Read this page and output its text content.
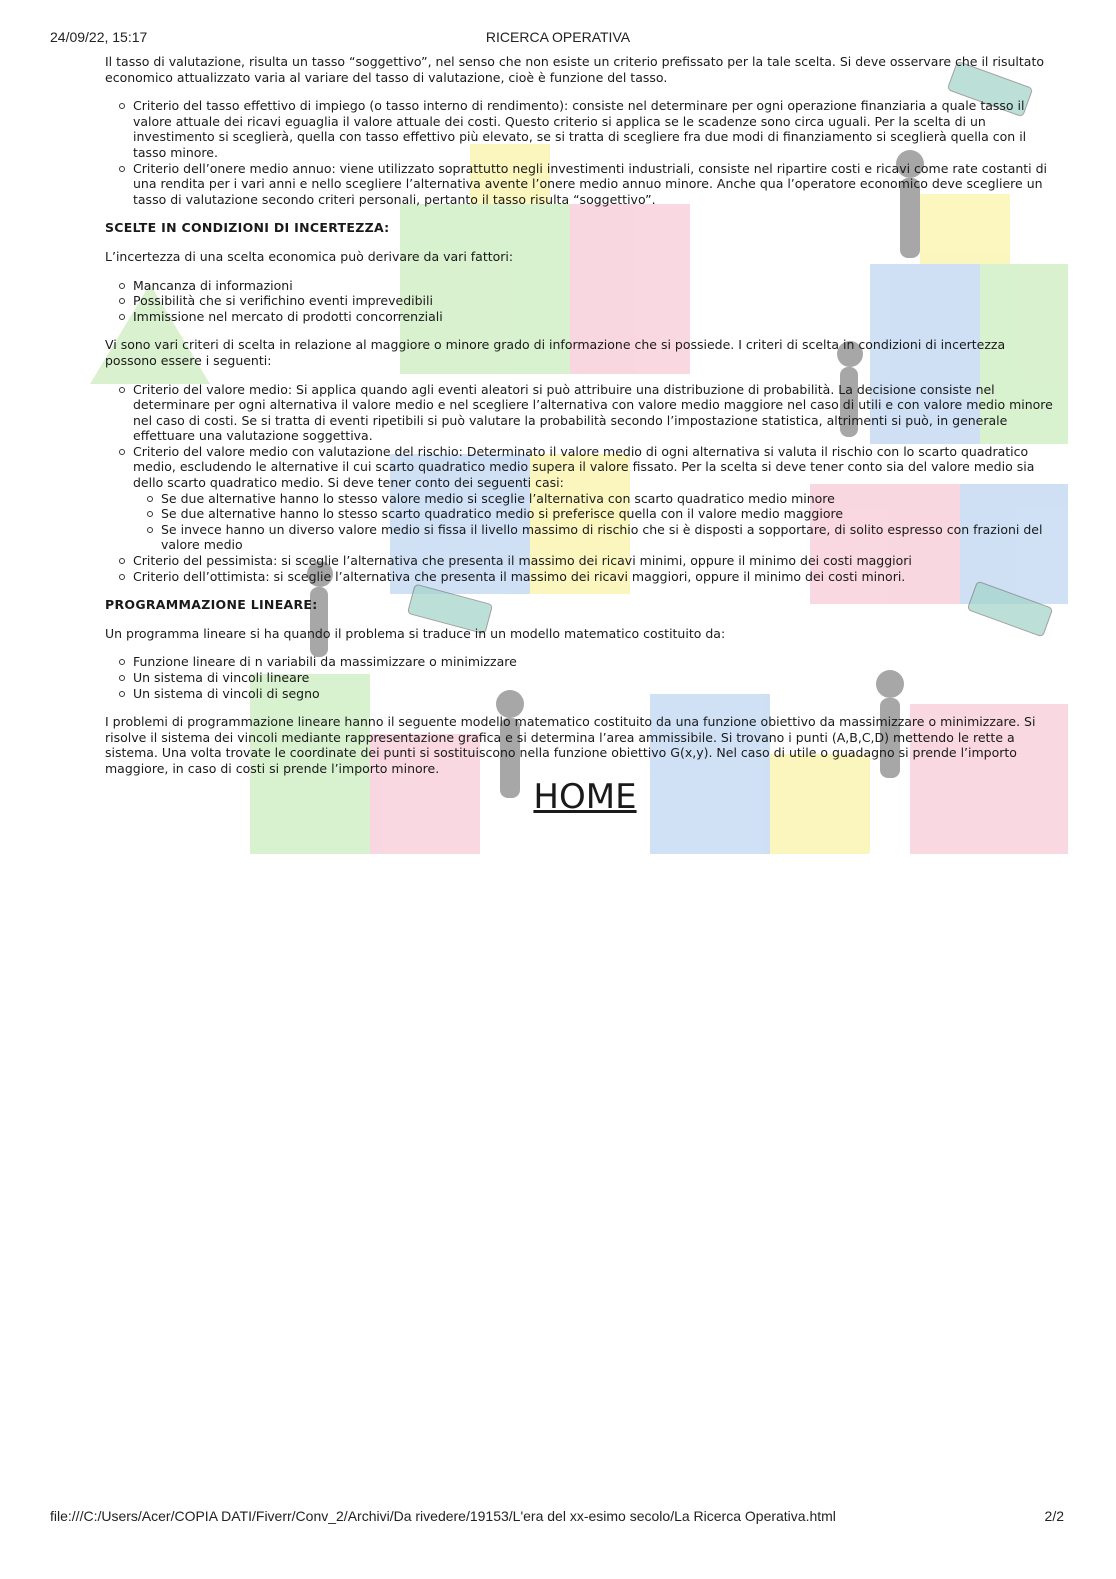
24/09/22, 15:17	RICERCA OPERATIVA

Il tasso di valutazione, risulta un tasso “soggettivo”, nel senso che non esiste un criterio prefissato per la tale scelta. Si deve osservare che il risultato economico attualizzato varia al variare del tasso di valutazione, cioè è funzione del tasso.

Criterio del tasso effettivo di impiego (o tasso interno di rendimento): consiste nel determinare per ogni operazione finanziaria a quale tasso il valore attuale dei ricavi eguaglia il valore attuale dei costi. Questo criterio si applica se le scadenze sono circa uguali. Per la scelta di un investimento si sceglierà, quella con tasso effettivo più elevato, se si tratta di scegliere fra due modi di finanziamento si sceglierà quella con il tasso minore.
Criterio dell’onere medio annuo: viene utilizzato soprattutto negli investimenti industriali, consiste nel ripartire costi e ricavi come rate costanti di una rendita per i vari anni e nello scegliere l’alternativa avente l’onere medio annuo minore. Anche qua l’operatore economico deve scegliere un tasso di valutazione secondo criteri personali, pertanto il tasso risulta “soggettivo”.
SCELTE IN CONDIZIONI DI INCERTEZZA:

L’incertezza di una scelta economica può derivare da vari fattori:

Mancanza di informazioni
Possibilità che si verifichino eventi imprevedibili
Immissione nel mercato di prodotti concorrenziali

Vi sono vari criteri di scelta in relazione al maggiore o minore grado di informazione che si possiede. I criteri di scelta in condizioni di incertezza possono essere i seguenti:

Criterio del valore medio: Si applica quando agli eventi aleatori si può attribuire una distribuzione di probabilità. La decisione consiste nel determinare per ogni alternativa il valore medio e nel scegliere l’alternativa con valore medio maggiore nel caso di utili e con valore medio minore nel caso di costi. Se si tratta di eventi ripetibili si può valutare la probabilità secondo l’impostazione statistica, altrimenti si può, in generale effettuare una valutazione soggettiva.
Criterio del valore medio con valutazione del rischio: Determinato il valore medio di ogni alternativa si valuta il rischio con lo scarto quadratico medio, escludendo le alternative il cui scarto quadratico medio supera il valore fissato. Per la scelta si deve tener conto sia del valore medio sia dello scarto quadratico medio. Si deve tener conto dei seguenti casi:
Se due alternative hanno lo stesso valore medio si sceglie l’alternativa con scarto quadratico medio minore
Se due alternative hanno lo stesso scarto quadratico medio si preferisce quella con il valore medio maggiore
Se invece hanno un diverso valore medio si fissa il livello massimo di rischio che si è disposti a sopportare, di solito espresso con frazioni del valore medio
Criterio del pessimista: si sceglie l’alternativa che presenta il massimo dei ricavi minimi, oppure il minimo dei costi maggiori
Criterio dell’ottimista: si sceglie l’alternativa che presenta il massimo dei ricavi maggiori, oppure il minimo dei costi minori.
PROGRAMMAZIONE LINEARE:

Un programma lineare si ha quando il problema si traduce in un modello matematico costituito da:

Funzione lineare di n variabili da massimizzare o minimizzare
Un sistema di vincoli lineare
Un sistema di vincoli di segno

I problemi di programmazione lineare hanno il seguente modello matematico costituito da una funzione obiettivo da massimizzare o minimizzare. Si risolve il sistema dei vincoli mediante rappresentazione grafica e si determina l’area ammissibile. Si trovano i punti (A,B,C,D) mettendo le rette a sistema. Una volta trovate le coordinate dei punti si sostituiscono nella funzione obiettivo G(x,y). Nel caso di utile o guadagno si prende l’importo maggiore, in caso di costi si prende l’importo minore.

HOME
file:///C:/Users/Acer/COPIA DATI/Fiverr/Conv_2/Archivi/Da rivedere/19153/L'era del xx-esimo secolo/La Ricerca Operativa.html	2/2
